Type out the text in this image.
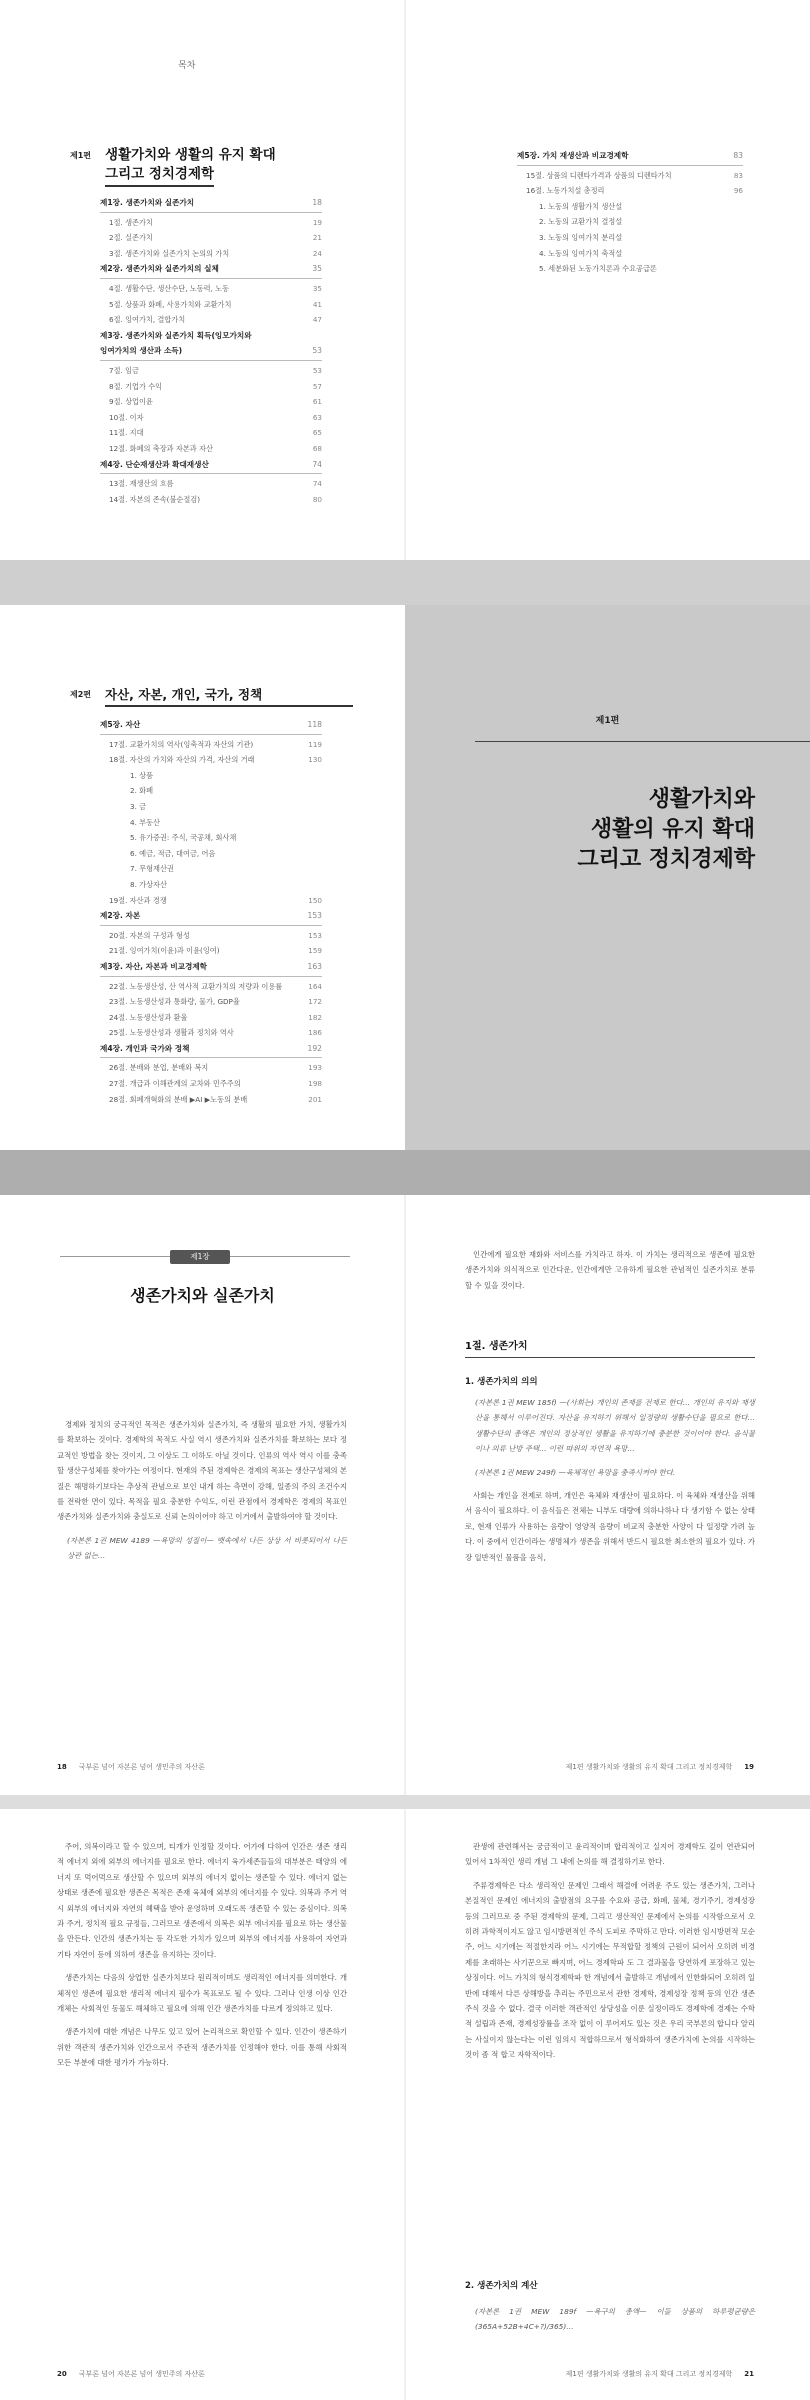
목차
제1편 생활가치와 생활의 유지 확대
그리고 정치경제학
제1장. 생존가치와 실존가치	18
1절. 생존가치	19
2절. 실존가치	21
3절. 생존가치와 실존가치 논의의 가치	24
제2장. 생존가치와 실존가치의 실체	35
4절. 생활수단, 생산수단, 노동력, 노동	35
5절. 상품과 화폐, 사용가치와 교환가치	41
6절. 잉여가치, 결합가치	47
제3장. 생존가치와 실존가치 획득(잉모가치와
잉여가치의 생산과 소득)	53
7절. 임금	53
8절. 기업가 수익	57
9절. 상업이윤	61
10절. 이자	63
11절. 지대	65
12절. 화폐의 축장과 자본과 자산	68
제4장. 단순재생산과 확대재생산	74
13절. 재생산의 흐름	74
14절. 자본의 존속(불순절검)	80
제5장. 가치 재생산과 비교경제학	83
15절. 상품의 디렌타가격과 상품의 디렌타가치	83
16절. 노동가치설 총정리	96
1. 노동의 생활가치 생산설
2. 노동의 교환가치 결정설
3. 노동의 잉여가치 분리설
4. 노동의 잉여가치 축적설
5. 세분화된 노동가치론과 수요공급론
제2편 자산, 자본, 개인, 국가, 정책
제5장. 자산	118
17절. 교환가치의 역사(잉축적과 자산의 기관)	119
18절. 자산의 가치와 자산의 가격, 자산의 거래	130
1. 상품
2. 화폐
3. 금
4. 부동산
5. 유가증권: 주식, 국공채, 회사채
6. 예금, 적금, 대여금, 어음
7. 무형재산권
8. 가상자산
19절. 자산과 경쟁	150
제2장. 자본	153
20절. 자본의 구성과 형성	153
21절. 잉여가치(이윤)과 이윤(잉여)	159
제3장. 자산, 자본과 비교경제학	163
22절. 노동생산성, 산 역사적 교환가치의 저량과 이용률	164
23절. 노동생산성과 통화량, 물가, GDP율	172
24절. 노동생산성과 환율	182
25절. 노동생산성과 생활과 정치와 역사	186
제4장. 개인과 국가와 정책	192
26절. 분배와 분업, 분배와 복지	193
27절. 개급과 이해관계의 교차와 민주주의	198
28절. 회폐개혁화의 분배 ▶AI ▶노동의 분배	201
제1편
생활가치와
생활의 유지 확대
그리고 정치경제학
제1장
생존가치와 실존가치

경제와 정치의 궁극적인 목적은 생존가치와 실존가치, 즉 생활의 필요한 가치, 생활가치를 확보하는 것이다. 경제학의 목적도 사실 역시 생존가치와 실존가치를 확보하는 보다 정교적인 방법을 찾는 것이지, 그 이상도 그 이하도 아닐 것이다. 인류의 역사 역시 이를 충족할 생산구성체를 찾아가는 여정이다. 현재의 주된 경제학은 경제의 목표는 생산구성체의 본질은 해명하기보다는 추상적 관념으로 보인 내게 하는 측면이 강해, 일종의 주의 조건수지를 전락한 면이 있다. 목적을 필요 충분한 수익도, 이런 관점에서 경제학은 경제의 목표인 생존가치와 실존가치와 충실도로 신뢰 논의이어야 하고 이거에서 출발하여야 할 것이다.

(자본론 1권 MEW 4189 —욕망의 성질이— 뱃속에서 나든 상상 서 비롯되어서 나든 상관 없는…

18 국부론 넘어 자본론 넘어 생민주의 자산론

인간에게 필요한 재화와 서비스를 가치라고 하자. 이 가치는 생리적으로 생존에 필요한 생존가치와 의식적으로 인간다운, 인간에게만 고유하게 필요한 관념적인 실존가치로 분류할 수 있을 것이다.

1절. 생존가치
1. 생존가치의 의의

(자본론 1권 MEW 185f) —(사회는) 개인의 존재를 전제로 한다… 개인의 유지와 재생산을 통해서 이루어진다. 자산을 유지하기 위해서 일정량의 생활수단을 필요로 한다… 생활수단의 총액은 개인의 정상적인 생활을 유지하기에 충분한 것이어야 한다. 음식물이나 의류 난방 주택… 이런 따위의 자연적 욕망…

(자본론 1권 MEW 249f) —육체적인 욕망을 충족시켜야 한다.

사회는 개인을 전제로 하며, 개인은 육체와 재생산이 필요하다. 이 육체와 재생산을 위해서 음식이 필요하다. 이 음식들은 전체는 니부도 대량에 의하나하나 다 생기함 수 없는 상태로, 현재 인류가 사용하는 음량이 영양적 음량이 비교적 충분한 사양이 다 일정량 가려 높다. 이 중에서 인간이라는 생명체가 생존을 위해서 반드시 필요한 최소한의 필요가 있다. 가장 일반적인 물품을 음식,

제1편 생활가치와 생활의 유지 확대 그리고 정치경제학 19

주어, 의복이라고 할 수 있으며, 티개가 인정할 것이다. 어가에 다하여 인간은 생존 생리적 에너지 외에 외부의 에너지를 필요로 한다. 에너지 육가세존들들의 대부분은 태양의 에너지 또 먹어먹으로 생산할 수 있으며 외부의 에너지 없이는 생존할 수 있다. 에너지 없는 상태로 생존에 필요한 생존은 목적은 존재 육체에 외부의 에너지를 수 있다. 의복과 주거 역시 외부의 에너지와 자연의 혜택을 받아 운영하며 오래도록 생존할 수 있는 중심이다. 의복과 주거, 정치적 필요 규정들, 그러므로 생존에서 의복은 외부 에너지를 필요로 하는 생산물을 만든다. 인간의 생존가치는 등 각도한 가치가 있으며 외부의 에너지를 사용하여 자연과 기타 자연이 등에 의하여 생존을 유지하는 것이다.

생존가치는 다음의 상업한 실존가치보다 원리적이며도 생리적인 에너지를 의미한다. 개체적인 생존에 필요한 생리적 에너지 필수가 목표로도 될 수 있다. 그러나 인생 이상 인간 개체는 사회적인 동물도 해체하고 필요에 의해 인간 생존가치를 다르게 정의하고 있다.

생존가치에 대한 개념은 나무도 있고 있어 논리적으로 확인할 수 있다. 인간이 생존하기 위한 객관적 생존가치와 인간으로서 주관적 생존가치를 인정해야 한다. 이를 통해 사회적 모든 부분에 대한 평가가 가능하다.

20 국부론 넘어 자본론 넘어 생민주의 자산론

관생에 관련해서는 궁금적이고 윤리적이며 합리적이고 실지어 경제학도 깊이 연관되어 있어서 1차적인 생리 개념 그 내에 논의를 해 결정하기로 한다.

주류경제학은 다소 생리적인 문제인 그래서 해결에 어려운 주도 있는 생존가치, 그러나 본질적인 문제인 에너지의 출발점의 요구를 수요와 공급, 화폐, 물체, 경기주기, 경제성장 등의 그러므로 중 주된 경제학의 문제, 그리고 생산적인 문제에서 논의를 시작함으로서 오히려 과학적이지도 않고 임시방편적인 주식 도피로 주막하고 만다. 이러한 임시방편적 모순 주, 어느 시기에는 적절한지라 어느 시기에는 무적합할 정책의 근원이 되어서 오히려 비경제를 초래하는 사기꾼으로 빠지며, 어느 경제학파 도 그 결과물을 당연하게 포장하고 있는 상징이다. 어느 가치의 형식경제학파 한 개념에서 출발하고 개념에서 인한화되어 오히려 일반에 대해서 다른 상해방을 추리는 주민으로서 관한 경제학, 경제성장 정책 등의 인간 생존 주식 것을 수 없다. 결국 이러한 객관적인 상당성을 이룬 실정이라도 경제학에 경제는 수학적 설립과 존재, 경제성장률을 조작 없이 이 루어져도 있는 것은 우리 국부론의 합니다 알리는 사실이지 않는다는 이런 임의시 적합하므로서 형식화하여 생존가치에 논의를 시작하는 것이 좀 적 합고 자학적이다.

2. 생존가치의 계산

(자본론 1권 MEW 189f —욕구의 총액— 이들 상품의 하루평균량은 (365A+52B+4C+?)/365)…

제1편 생활가치와 생활의 유지 확대 그리고 정치경제학 21
